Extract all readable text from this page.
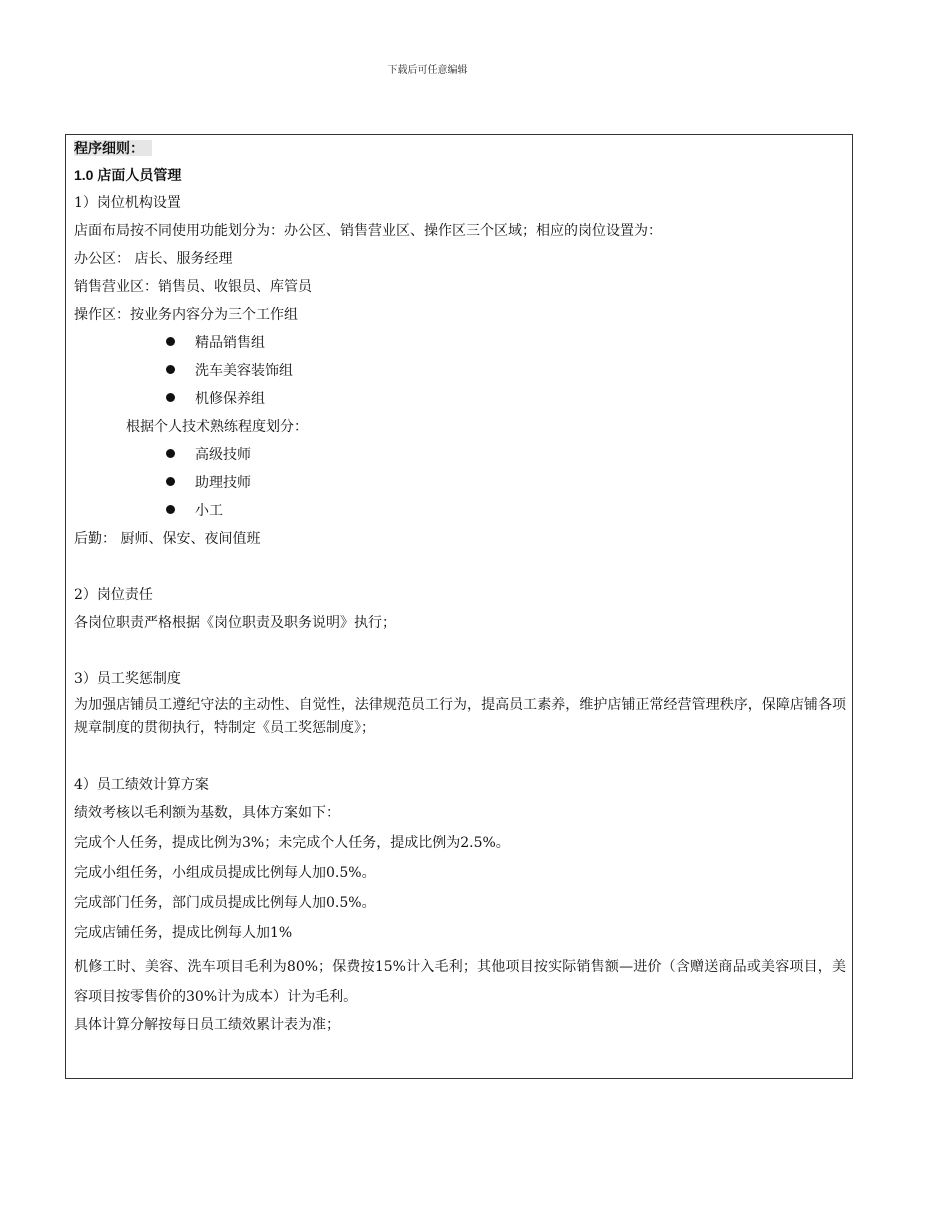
下载后可任意编辑
程序细则：
1.0 店面人员管理
1）岗位机构设置
店面布局按不同使用功能划分为：办公区、销售营业区、操作区三个区域；相应的岗位设置为：
办公区： 店长、服务经理
销售营业区：销售员、收银员、库管员
操作区：按业务内容分为三个工作组
精品销售组
洗车美容装饰组
机修保养组
根据个人技术熟练程度划分：
高级技师
助理技师
小工
后勤： 厨师、保安、夜间值班
2）岗位责任
各岗位职责严格根据《岗位职责及职务说明》执行；
3）员工奖惩制度
为加强店铺员工遵纪守法的主动性、自觉性，法律规范员工行为，提高员工素养，维护店铺正常经营管理秩序，保障店铺各项规章制度的贯彻执行，特制定《员工奖惩制度》；
4）员工绩效计算方案
绩效考核以毛利额为基数，具体方案如下：
完成个人任务，提成比例为3%；未完成个人任务，提成比例为2.5%。
完成小组任务，小组成员提成比例每人加0.5%。
完成部门任务，部门成员提成比例每人加0.5%。
完成店铺任务，提成比例每人加1%
机修工时、美容、洗车项目毛利为80%；保费按15%计入毛利；其他项目按实际销售额—进价（含赠送商品或美容项目，美容项目按零售价的30%计为成本）计为毛利。
具体计算分解按每日员工绩效累计表为准；
